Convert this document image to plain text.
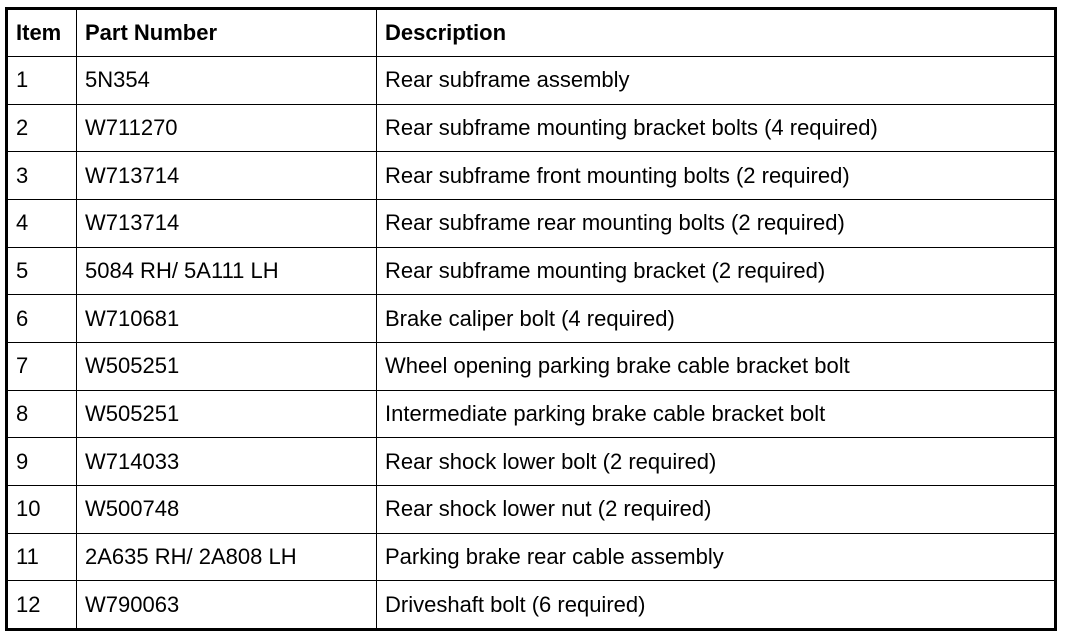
Item	Part Number	Description
1	5N354	Rear subframe assembly
2	W711270	Rear subframe mounting bracket bolts (4 required)
3	W713714	Rear subframe front mounting bolts (2 required)
4	W713714	Rear subframe rear mounting bolts (2 required)
5	5084 RH/ 5A111 LH	Rear subframe mounting bracket (2 required)
6	W710681	Brake caliper bolt (4 required)
7	W505251	Wheel opening parking brake cable bracket bolt
8	W505251	Intermediate parking brake cable bracket bolt
9	W714033	Rear shock lower bolt (2 required)
10	W500748	Rear shock lower nut (2 required)
11	2A635 RH/ 2A808 LH	Parking brake rear cable assembly
12	W790063	Driveshaft bolt (6 required)
